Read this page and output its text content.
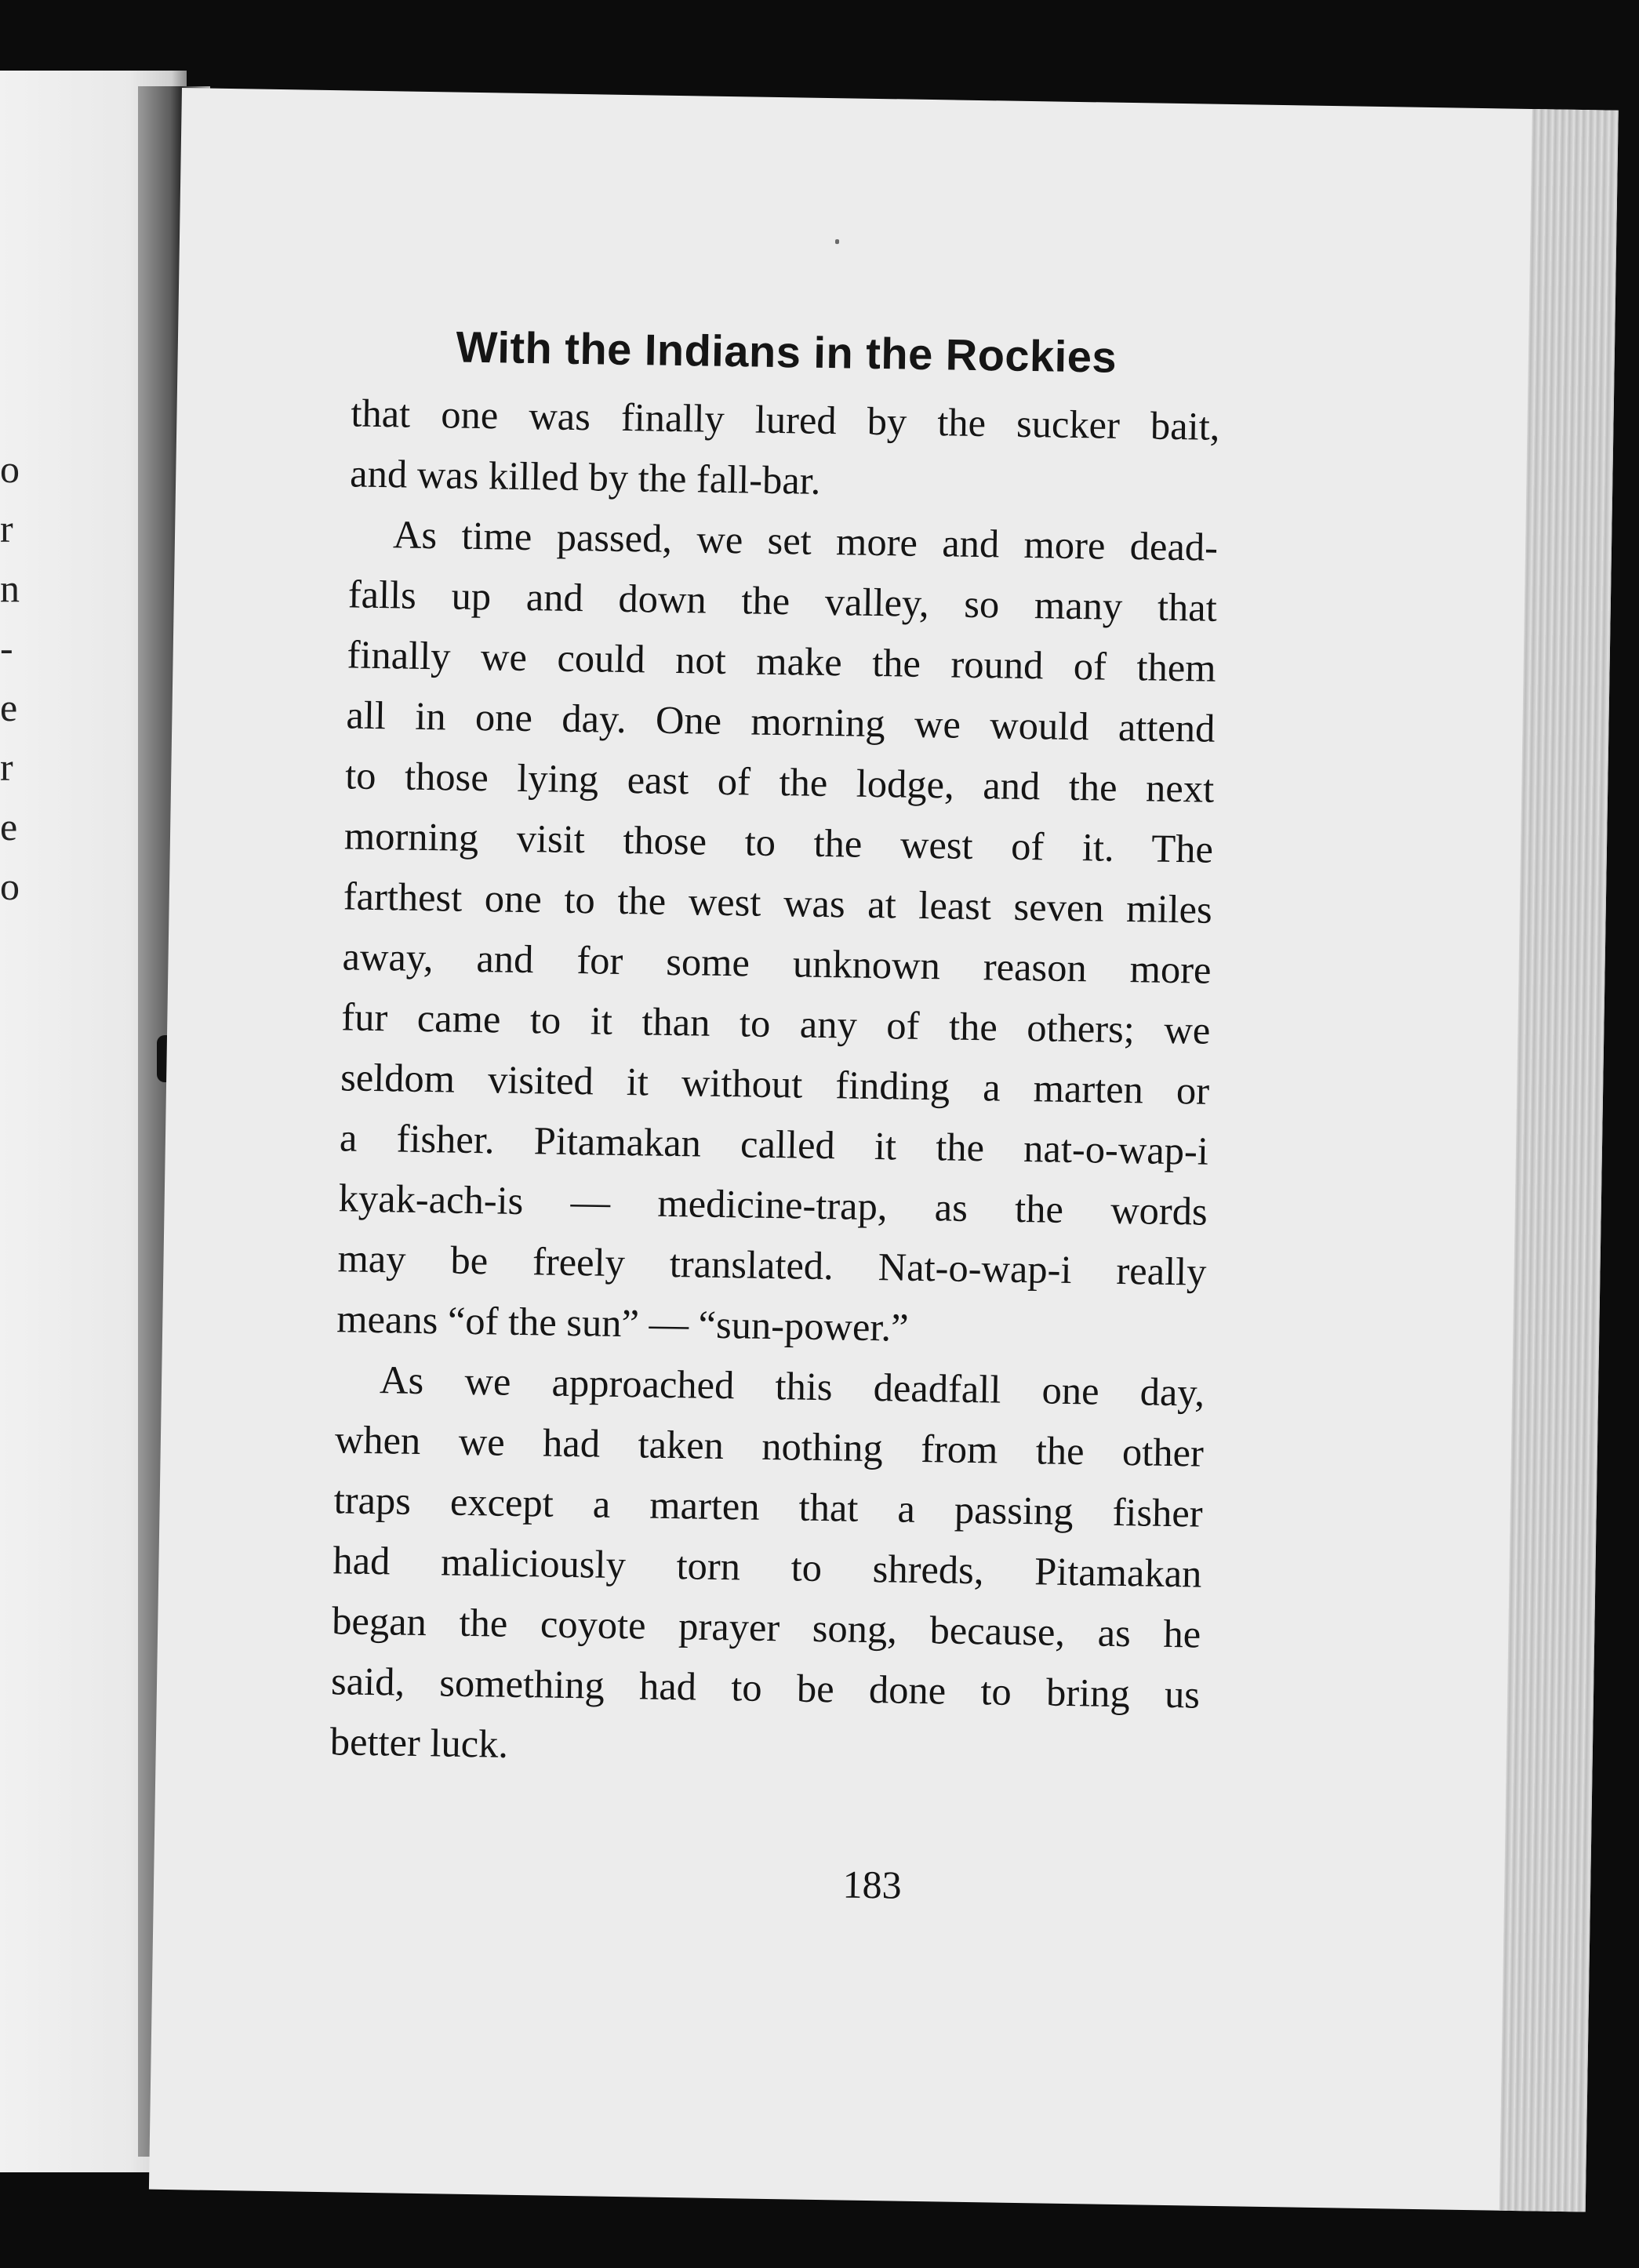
o
r
n
-
e
r
e
o
With the Indians in the Rockies
that one was finally lured by the sucker bait,
and was killed by the fall-bar.
As time passed, we set more and more dead-
falls up and down the valley, so many that
finally we could not make the round of them
all in one day. One morning we would attend
to those lying east of the lodge, and the next
morning visit those to the west of it. The
farthest one to the west was at least seven miles
away, and for some unknown reason more
fur came to it than to any of the others; we
seldom visited it without finding a marten or
a fisher. Pitamakan called it the nat-o-wap-i
kyak-ach-is — medicine-trap, as the words
may be freely translated. Nat-o-wap-i really
means “of the sun” — “sun-power.”
As we approached this deadfall one day,
when we had taken nothing from the other
traps except a marten that a passing fisher
had maliciously torn to shreds, Pitamakan
began the coyote prayer song, because, as he
said, something had to be done to bring us
better luck.
183
